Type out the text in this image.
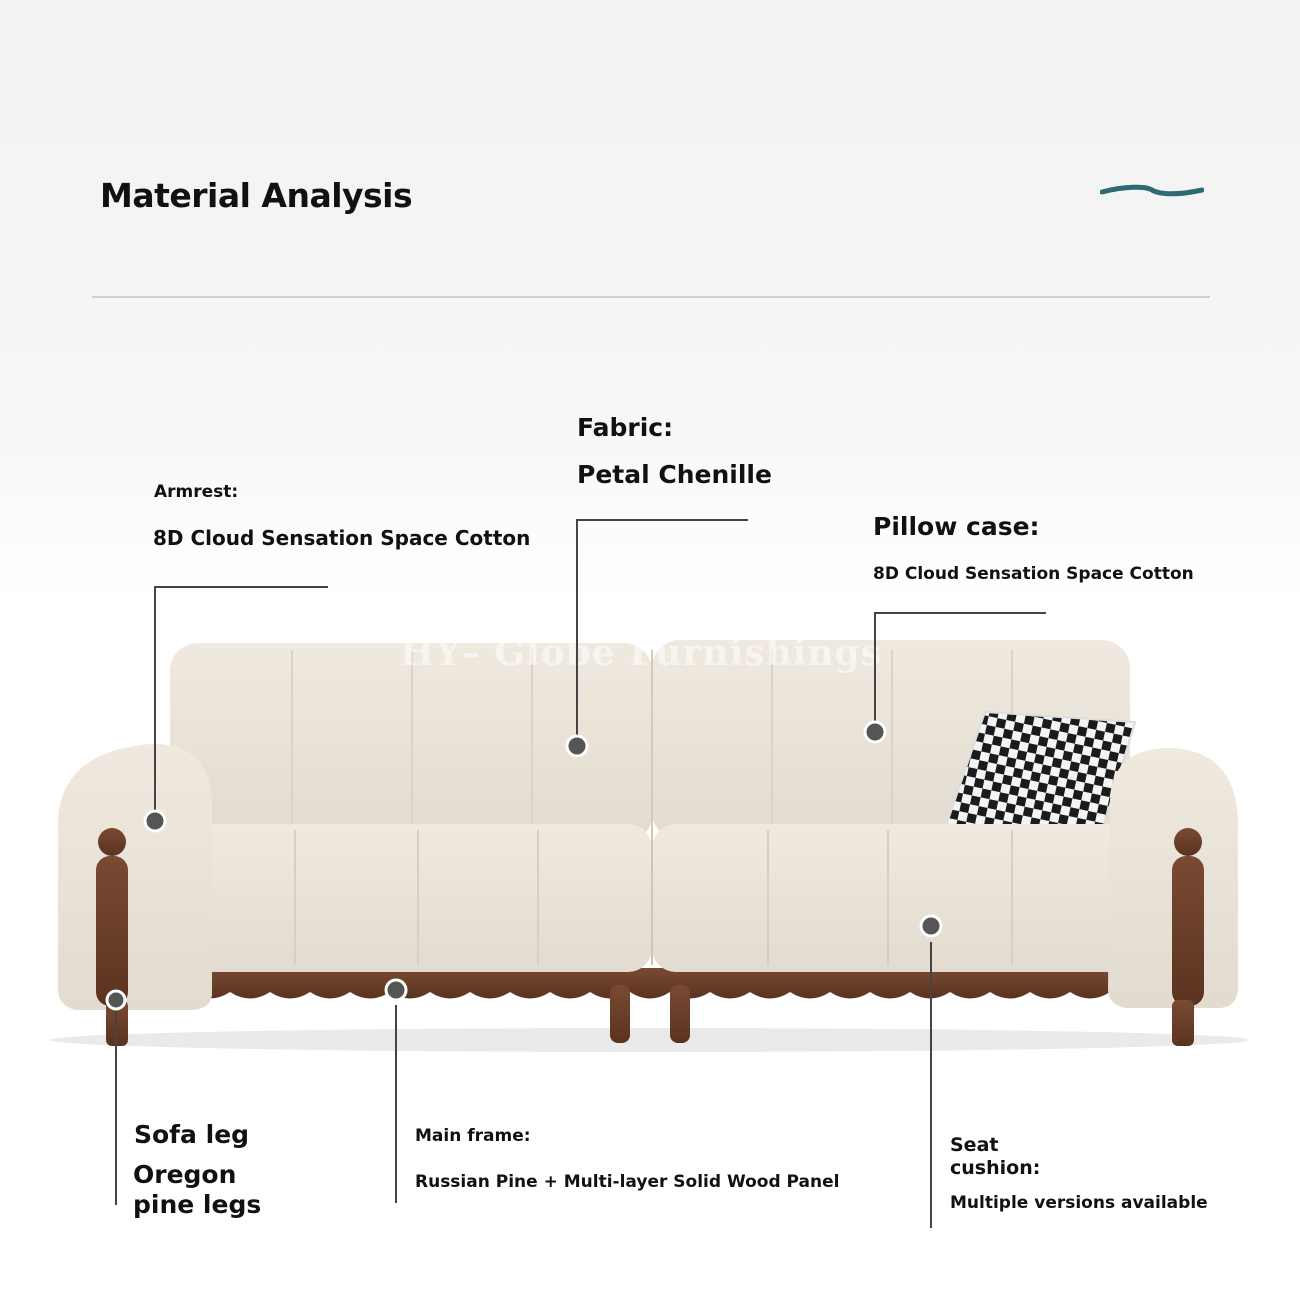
Material Analysis
HY– Globe Furnishings
Armrest:
8D Cloud Sensation Space Cotton
Fabric:
Petal Chenille
Pillow case:
8D Cloud Sensation Space Cotton
Sofa leg
Oregon
pine legs
Main frame:
Russian Pine + Multi-layer Solid Wood Panel
Seat
cushion:
Multiple versions available
